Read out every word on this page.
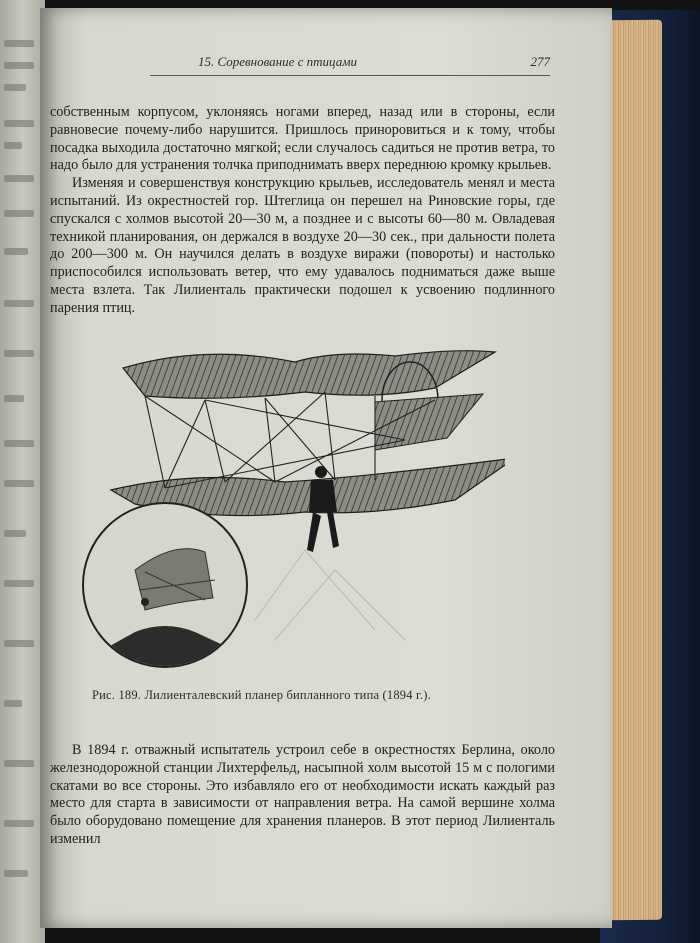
15. Соревнование с птицами	277

собственным корпусом, уклоняясь ногами вперед, назад или в стороны, если равновесие почему-либо нарушится. Пришлось приноровиться и к тому, чтобы посадка выходила достаточно мягкой; если случалось садиться не против ветра, то надо было для устранения толчка приподнимать вверх переднюю кромку крыльев.

Изменяя и совершенствуя конструкцию крыльев, исследователь менял и места испытаний. Из окрестностей гор. Штеглица он перешел на Риновские горы, где спускался с холмов высотой 20—30 м, а позднее и с высоты 60—80 м. Овладевая техникой планирования, он держался в воздухе 20—30 сек., при дальности полета до 200—300 м. Он научился делать в воздухе виражи (повороты) и настолько приспособился использовать ветер, что ему удавалось подниматься даже выше места взлета. Так Лилиенталь практически подошел к усвоению подлинного парения птиц.

Рис. 189. Лилиенталевский планер бипланного типа (1894 г.).

В 1894 г. отважный испытатель устроил себе в окрестностях Берлина, около железнодорожной станции Лихтерфельд, насыпной холм высотой 15 м с пологими скатами во все стороны. Это избавляло его от необходимости искать каждый раз место для старта в зависимости от направления ветра. На самой вершине холма было оборудовано помещение для хранения планеров. В этот период Лилиенталь изменил
